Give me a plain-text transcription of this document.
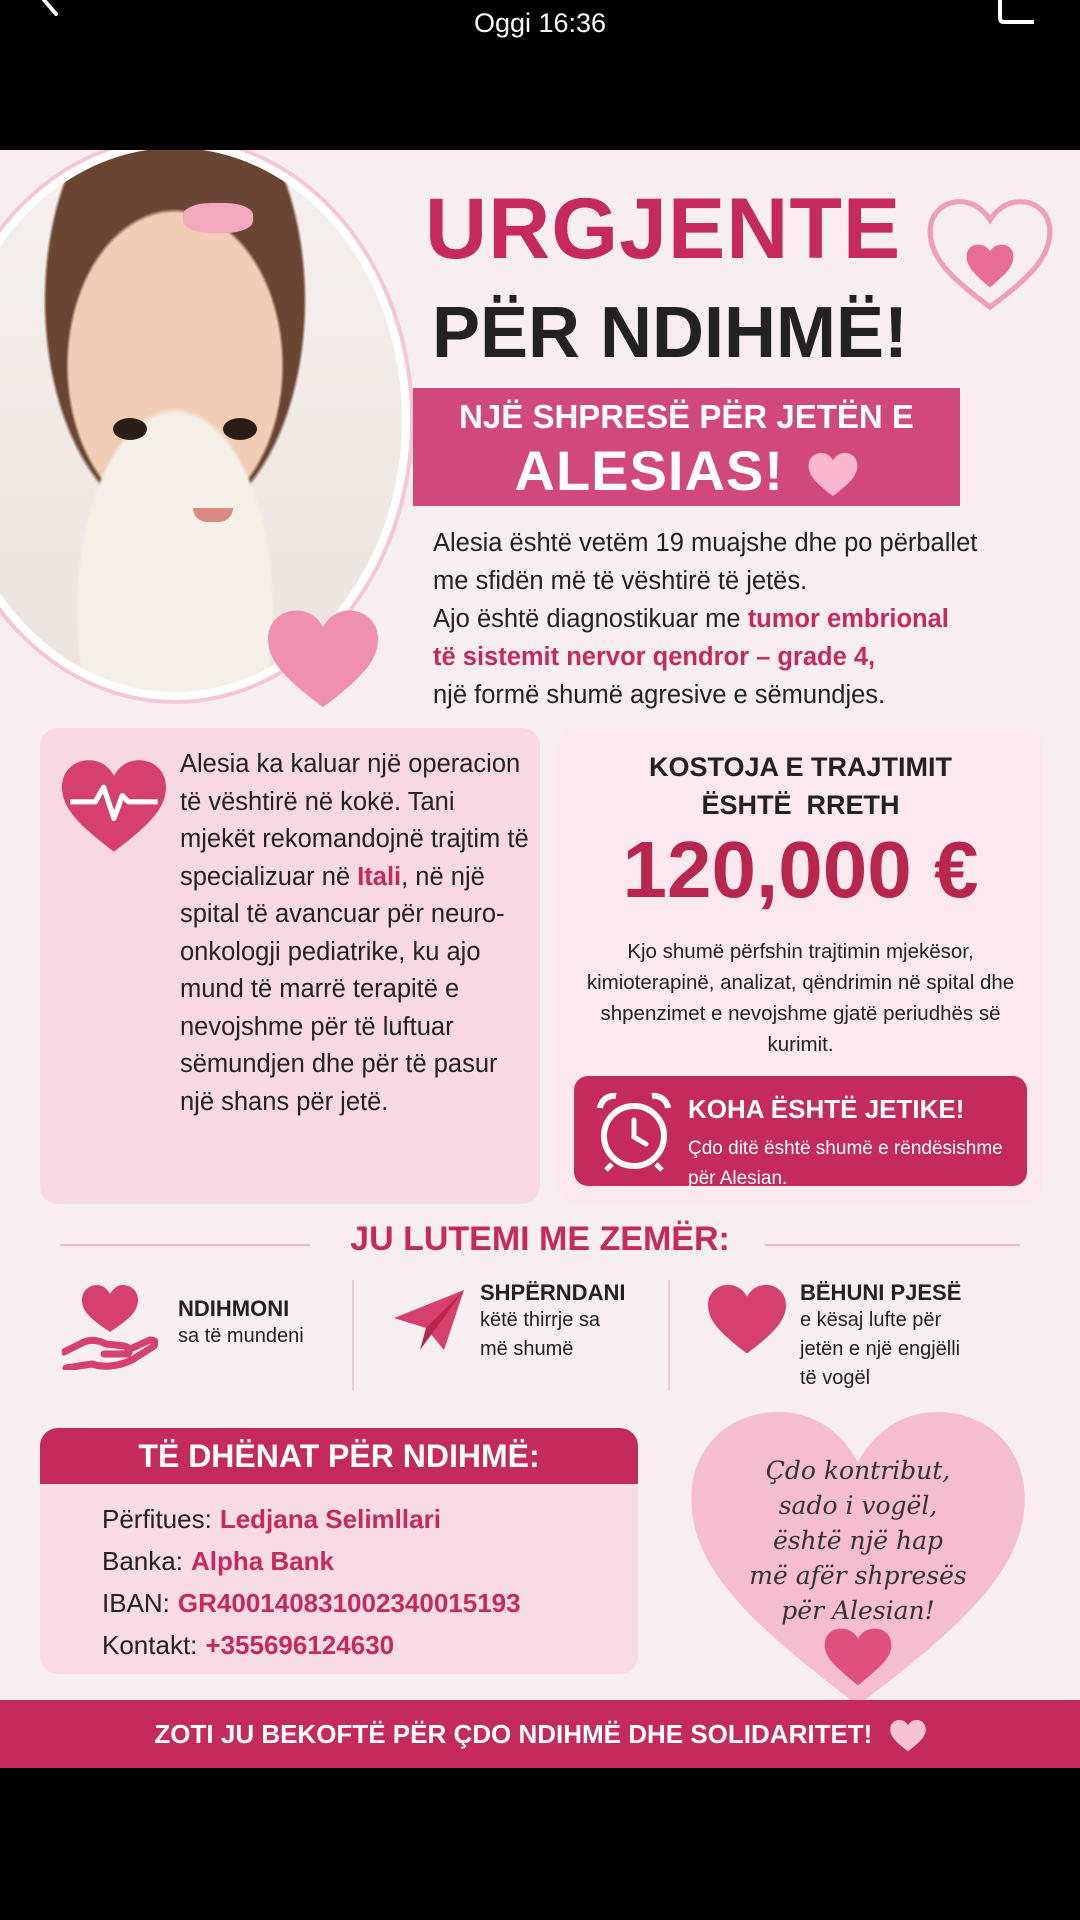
Oggi 16:36
URGJENTE
PËR NDIHMË!
NJË SHPRESË PËR JETËN E
ALESIAS!
Alesia është vetëm 19 muajshe dhe po përballet
me sfidën më të vështirë të jetës.
Ajo është diagnostikuar me tumor embrional
të sistemit nervor qendror – grade 4,
një formë shumë agresive e sëmundjes.
Alesia ka kaluar një operacion të vështirë në kokë. Tani mjekët rekomandojnë trajtim të specializuar në Itali, në një spital të avancuar për neuro-onkologji pediatrike, ku ajo mund të marrë terapitë e nevojshme për të luftuar sëmundjen dhe për të pasur një shans për jetë.
KOSTOJA E TRAJTIMIT
ËSHTË  RRETH
120,000 €
Kjo shumë përfshin trajtimin mjekësor, kimioterapinë, analizat, qëndrimin në spital dhe shpenzimet e nevojshme gjatë periudhës së kurimit.
KOHA ËSHTË JETIKE!
Çdo ditë është shumë e rëndësishme për Alesian.
JU LUTEMI ME ZEMËR:
NDIHMONI
sa të mundeni
SHPËRNDANI
këtë thirrje sa
më shumë
BËHUNI PJESË
e kësaj lufte për
jetën e një engjëlli
të vogël
TË DHËNAT PËR NDIHMË:
Përfitues: Ledjana Selimllari
Banka: Alpha Bank
IBAN: GR4001408310023400151​93
Kontakt: +355696124630
Çdo kontribut,
sado i vogël,
është një hap
më afër shpresës
për Alesian!
ZOTI JU BEKOFTË PËR ÇDO NDIHMË DHE SOLIDARITET!
